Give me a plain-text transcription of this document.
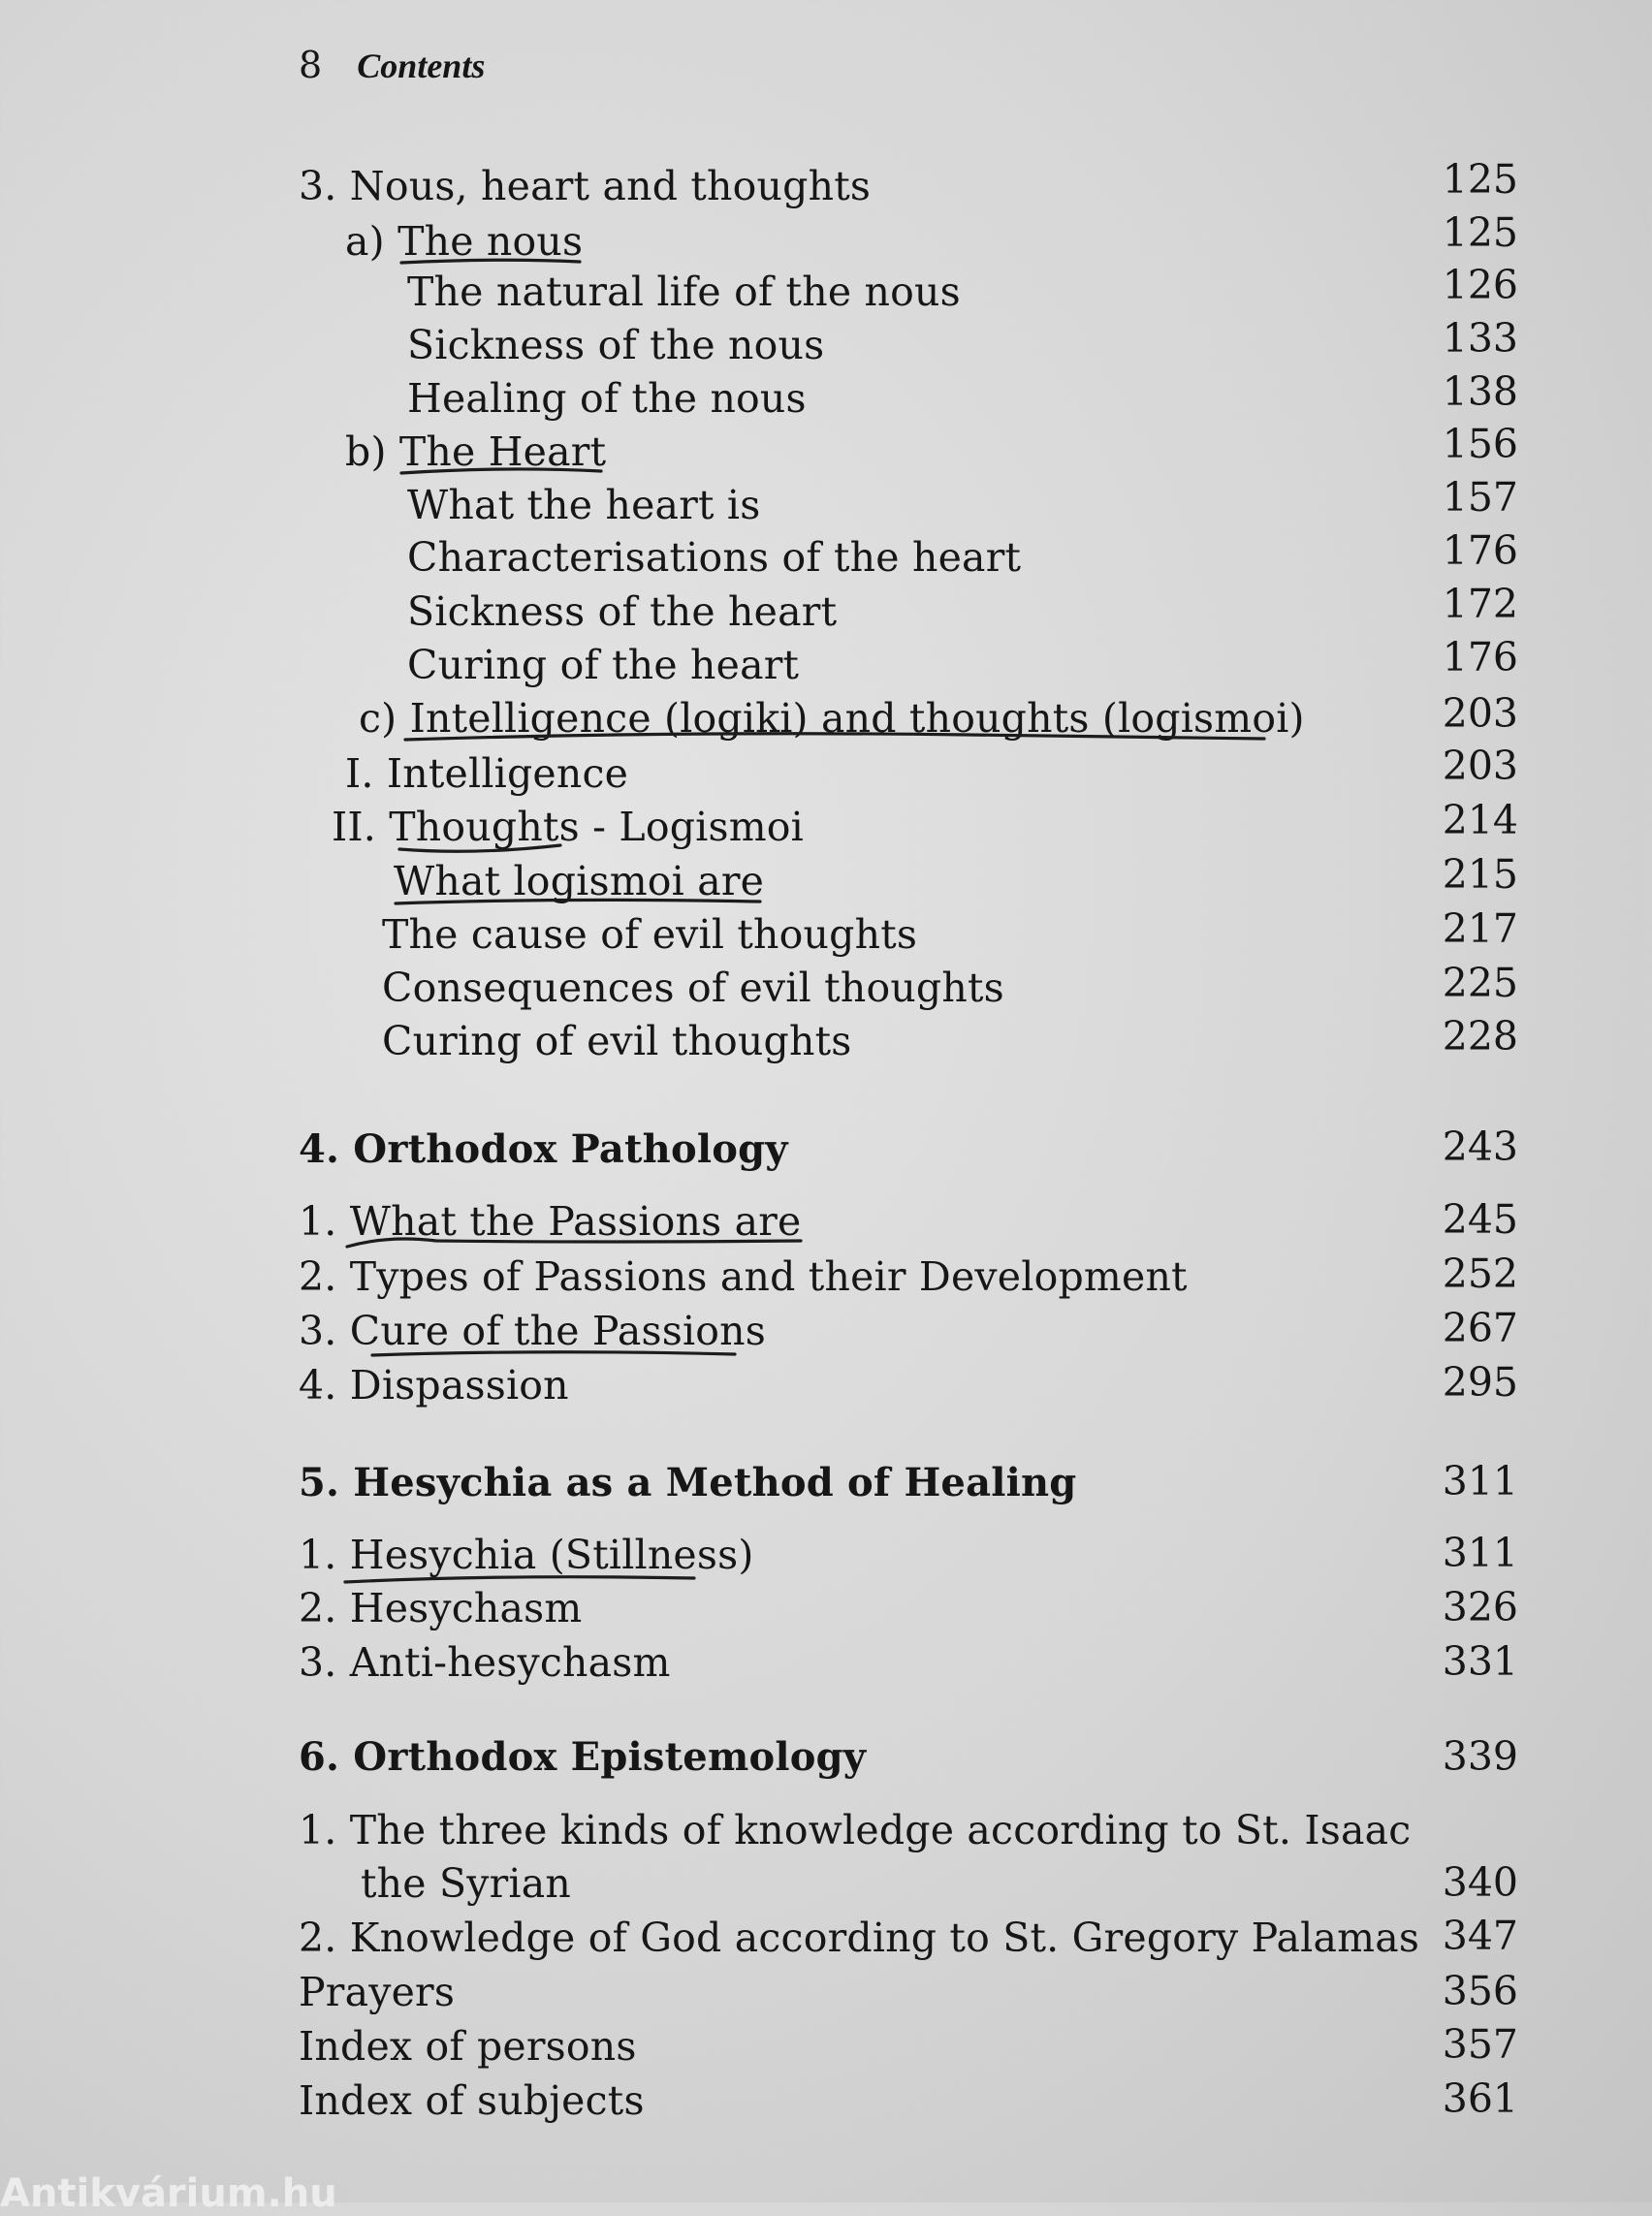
8 Contents
3. Nous, heart and thoughts	125
a) The nous	125
The natural life of the nous	126
Sickness of the nous	133
Healing of the nous	138
b) The Heart	156
What the heart is	157
Characterisations of the heart	176
Sickness of the heart	172
Curing of the heart	176
c) Intelligence (logiki) and thoughts (logismoi)	203
I. Intelligence	203
II. Thoughts - Logismoi	214
What logismoi are	215
The cause of evil thoughts	217
Consequences of evil thoughts	225
Curing of evil thoughts	228
4. Orthodox Pathology	243
1. What the Passions are	245
2. Types of Passions and their Development	252
3. Cure of the Passions	267
4. Dispassion	295
5. Hesychia as a Method of Healing	311
1. Hesychia (Stillness)	311
2. Hesychasm	326
3. Anti-hesychasm	331
6. Orthodox Epistemology	339
1. The three kinds of knowledge according to St. Isaac
the Syrian	340
2. Knowledge of God according to St. Gregory Palamas 347
Prayers	356
Index of persons	357
Index of subjects	361
Antikvárium.hu
